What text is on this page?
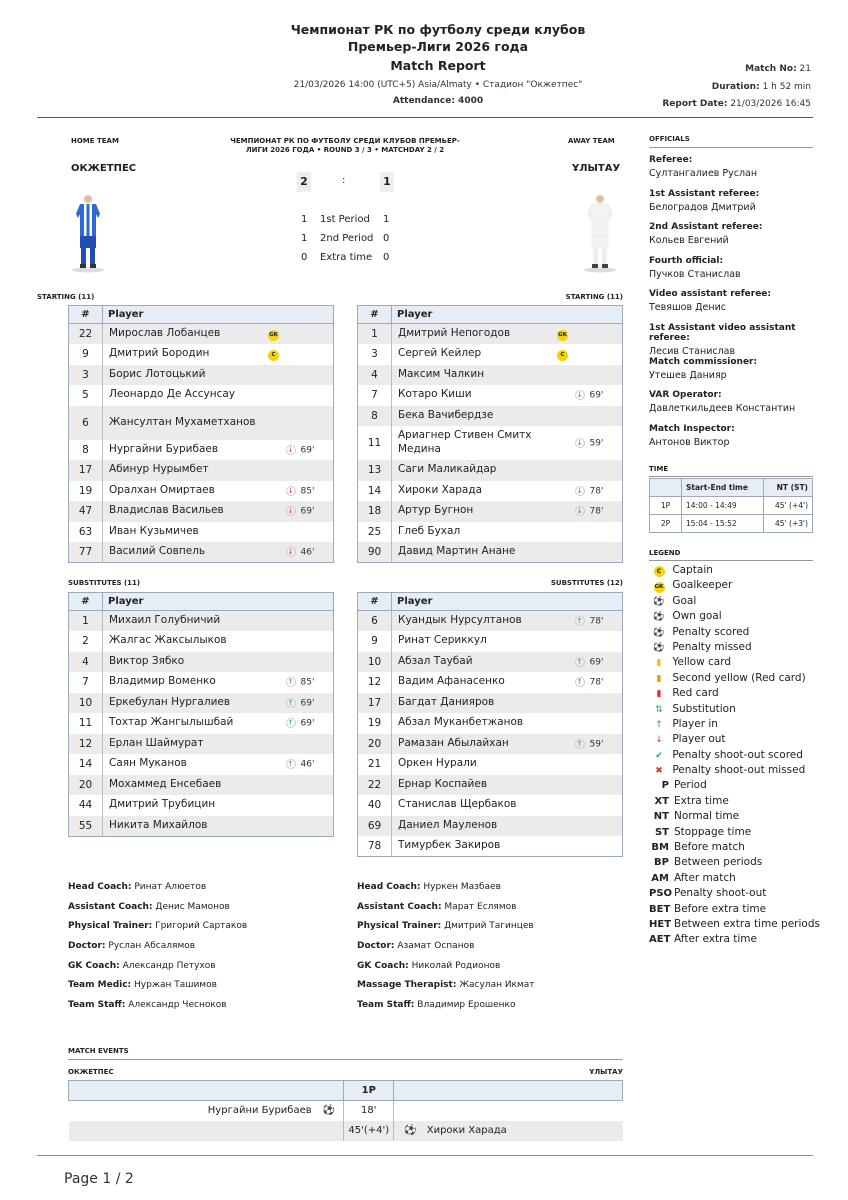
Чемпионат РК по футболу среди клубов
Премьер-Лиги 2026 года
Match Report
21/03/2026 14:00 (UTC+5) Asia/Almaty • Стадион "Окжетпес"
Attendance: 4000
Match No: 21
Duration: 1 h 52 min
Report Date: 21/03/2026 16:45
HOME TEAM	AWAY TEAM
ЧЕМПИОНАТ РК ПО ФУТБОЛУ СРЕДИ КЛУБОВ ПРЕМЬЕР-ЛИГИ 2026 ГОДА • ROUND 3 / 3 • MATCHDAY 2 / 2
ОКЖЕТПЕС	ҰЛЫТАУ
2	:	1
1 1st Period 1
1 2nd Period 0
0 Extra time 0
STARTING (11)	STARTING (11)
#	Player	
22	Мирослав Лобанцев GK	

9	Дмитрий Бородин C	

3	Борис Лотоцький	
5	Леонардо Де Ассунсау	
6	Жансултан Мухаметханов	
8	Нургайни Бурибаев	↓ 69'
17	Абинур Нурымбет	
19	Оралхан Омиртаев	↓ 85'
47	Владислав Васильев	↓ 69'
63	Иван Кузьмичев	
77	Василий Совпель	↓ 46'
#	Player	
1	Дмитрий Непогодов GK	

3	Сергей Кейлер C	

4	Максим Чалкин	
7	Котаро Киши	↓ 69'
8	Бека Вачибердзе	
11	Ариагнер Стивен Смитх Медина	↓ 59'
13	Саги Маликайдар	
14	Хироки Харада	↓ 78'
18	Артур Бугнон	↓ 78'
25	Глеб Бухал	
90	Давид Мартин Ананe	
SUBSTITUTES (11)	SUBSTITUTES (12)
#	Player	
1	Михаил Голубничий	
2	Жалгас Жаксылыков	
4	Виктор Зябко	
7	Владимир Воменко	↑ 85'
10	Еркебулан Нургалиев	↑ 69'
11	Тохтар Жангылышбай	↑ 69'
12	Ерлан Шаймурат	
14	Саян Муканов	↑ 46'
20	Мохаммед Енсебаев	
44	Дмитрий Трубицин	
55	Никита Михайлов	
#	Player	
6	Куандык Нурсултанов	↑ 78'
9	Ринат Сериккул	
10	Абзал Таубай	↑ 69'
12	Вадим Афанасенко	↑ 78'
17	Багдат Данияров	
19	Абзал Муканбетжанов	
20	Рамазан Абылайхан	↑ 59'
21	Оркен Нурали	
22	Ернар Коспайев	
40	Станислав Щербаков	
69	Даниел Мауленов	
78	Тимурбек Закиров	
Head Coach: Ринат Алюетов
Assistant Coach: Денис Мамонов
Physical Trainer: Григорий Сартаков
Doctor: Руслан Абсалямов
GK Coach: Александр Петухов
Team Medic: Нуржан Ташимов
Team Staff: Александр Чесноков
Head Coach: Нуркен Мазбаев
Assistant Coach: Марат Еслямов
Physical Trainer: Дмитрий Тагинцев
Doctor: Азамат Оспанов
GK Coach: Николай Родионов
Massage Therapist: Жасулан Икмат
Team Staff: Владимир Ерошенко
OFFICIALS
Referee:
Султангалиев Руслан
1st Assistant referee:
Белоградов Дмитрий
2nd Assistant referee:
Кольев Евгений
Fourth official:
Пучков Станислав
Video assistant referee:
Тевяшов Денис
1st Assistant video assistant referee:
Лесив Станислав
Match commissioner:
Утешев Данияр
VAR Operator:
Давлеткильдеев Константин
Match Inspector:
Антонов Виктор
TIME
	Start-End time	NT (ST)
1P	14:00 - 14:49	45' (+4')
2P	15:04 - 15:52	45' (+3')
LEGEND
C Captain
GK Goalkeeper
⚽ Goal
⚽ Own goal
⚽ Penalty scored
⚽ Penalty missed
▮ Yellow card
▮ Second yellow (Red card)
▮ Red card
⇅ Substitution
↑ Player in
↓ Player out
✔ Penalty shoot-out scored
✖ Penalty shoot-out missed
P Period
XT Extra time
NT Normal time
ST Stoppage time
BM Before match
BP Between periods
AM After match
PSO Penalty shoot-out
BET Before extra time
HET Between extra time periods
AET After extra time
MATCH EVENTS
ОКЖЕТПЕС	ҰЛЫТАУ
	1P	
Нургайни Бурибаев ⚽	18'	
	45'(+4')	⚽ Хироки Харада
Page 1 / 2
